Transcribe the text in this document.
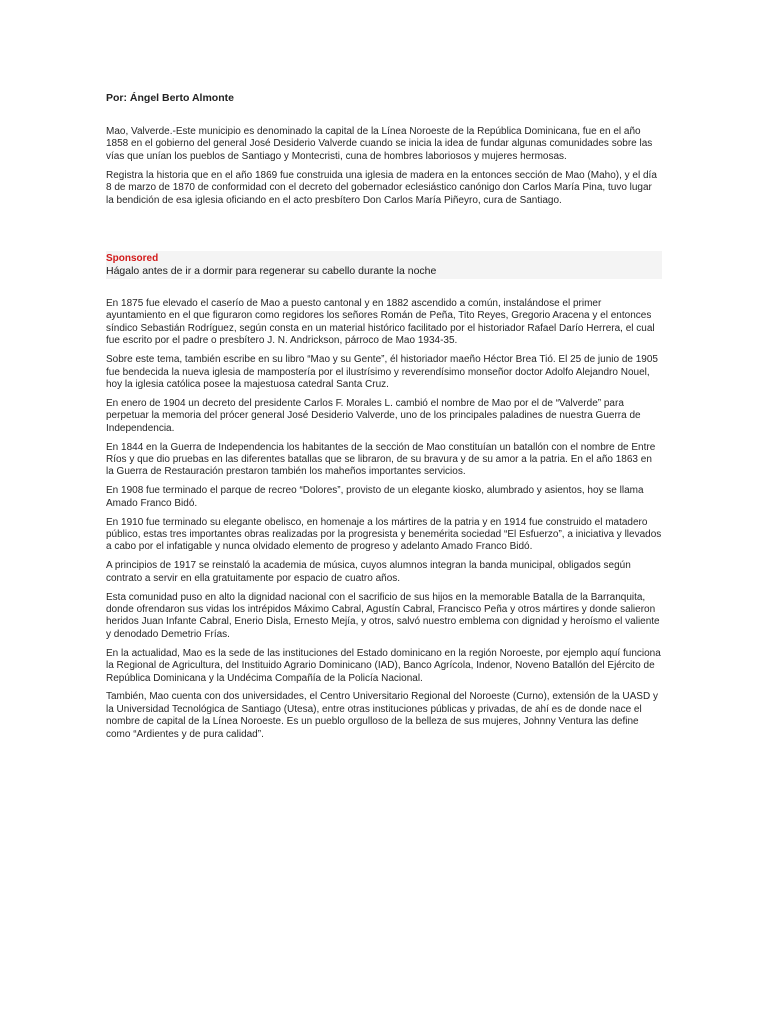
Por: Ángel Berto Almonte

Mao, Valverde.-Este municipio es denominado la capital de la Línea Noroeste de la República Dominicana, fue en el año 1858 en el gobierno del general José Desiderio Valverde cuando se inicia la idea de fundar algunas comunidades sobre las vías que unían los pueblos de Santiago y Montecristi, cuna de hombres laboriosos y mujeres hermosas.

Registra la historia que en el año 1869 fue construida una iglesia de madera en la entonces sección de Mao (Maho), y el día 8 de marzo de 1870 de conformidad con el decreto del gobernador eclesiástico canónigo don Carlos María Pina, tuvo lugar la bendición de esa iglesia oficiando en el acto presbítero Don Carlos María Piñeyro, cura de Santiago.

Sponsored
Hágalo antes de ir a dormir para regenerar su cabello durante la noche

En 1875 fue elevado el caserío de Mao a puesto cantonal y en 1882 ascendido a común, instalándose el primer ayuntamiento en el que figuraron como regidores los señores Román de Peña, Tito Reyes, Gregorio Aracena y el entonces síndico Sebastián Rodríguez, según consta en un material histórico facilitado por el historiador Rafael Darío Herrera, el cual fue escrito por el padre o presbítero J. N. Andrickson, párroco de Mao 1934-35.

Sobre este tema, también escribe en su libro “Mao y su Gente”, él historiador maeño Héctor Brea Tió. El 25 de junio de 1905 fue bendecida la nueva iglesia de mampostería por el ilustrísimo y reverendísimo monseñor doctor Adolfo Alejandro Nouel, hoy la iglesia católica posee la majestuosa catedral Santa Cruz.

En enero de 1904 un decreto del presidente Carlos F. Morales L. cambió el nombre de Mao por el de “Valverde” para perpetuar la memoria del prócer general José Desiderio Valverde, uno de los principales paladines de nuestra Guerra de Independencia.

En 1844 en la Guerra de Independencia los habitantes de la sección de Mao constituían un batallón con el nombre de Entre Ríos y que dio pruebas en las diferentes batallas que se libraron, de su bravura y de su amor a la patria. En el año 1863 en la Guerra de Restauración prestaron también los maheños importantes servicios.

En 1908 fue terminado el parque de recreo “Dolores”, provisto de un elegante kiosko, alumbrado y asientos, hoy se llama Amado Franco Bidó.

En 1910 fue terminado su elegante obelisco, en homenaje a los mártires de la patria y en 1914 fue construido el matadero público, estas tres importantes obras realizadas por la progresista y benemérita sociedad “El Esfuerzo”, a iniciativa y llevados a cabo por el infatigable y nunca olvidado elemento de progreso y adelanto Amado Franco Bidó.

A principios de 1917 se reinstaló la academia de música, cuyos alumnos integran la banda municipal, obligados según contrato a servir en ella gratuitamente por espacio de cuatro años.

Esta comunidad puso en alto la dignidad nacional con el sacrificio de sus hijos en la memorable Batalla de la Barranquita, donde ofrendaron sus vidas los intrépidos Máximo Cabral, Agustín Cabral, Francisco Peña y otros mártires y donde salieron heridos Juan Infante Cabral, Enerio Disla, Ernesto Mejía, y otros, salvó nuestro emblema con dignidad y heroísmo el valiente y denodado Demetrio Frías.

En la actualidad, Mao es la sede de las instituciones del Estado dominicano en la región Noroeste, por ejemplo aquí funciona la Regional de Agricultura, del Instituido Agrario Dominicano (IAD), Banco Agrícola, Indenor, Noveno Batallón del Ejército de República Dominicana y la Undécima Compañía de la Policía Nacional.

También, Mao cuenta con dos universidades, el Centro Universitario Regional del Noroeste (Curno), extensión de la UASD y la Universidad Tecnológica de Santiago (Utesa), entre otras instituciones públicas y privadas, de ahí es de donde nace el nombre de capital de la Línea Noroeste. Es un pueblo orgulloso de la belleza de sus mujeres, Johnny Ventura las define como “Ardientes y de pura calidad”.
